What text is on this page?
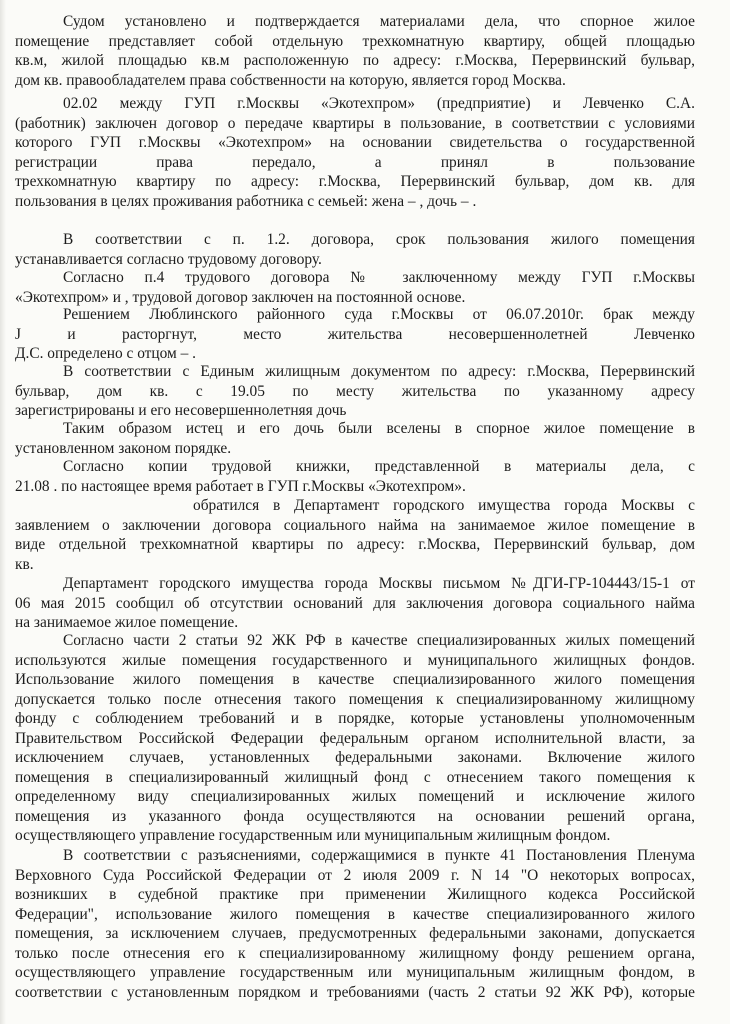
Судом установлено и подтверждается материалами дела, что спорное жилое
помещение представляет собой отдельную трехкомнатную квартиру, общей площадью
кв.м, жилой площадью кв.м расположенную по адресу: г.Москва, Перервинский бульвар,
дом кв. правообладателем права собственности на которую, является город Москва.
02.02 между ГУП г.Москвы «Экотехпром» (предприятие) и Левченко С.А.
(работник) заключен договор о передаче квартиры в пользование, в соответствии с условиями
которого ГУП г.Москвы «Экотехпром» на основании свидетельства о государственной
регистрации права передало, а принял в пользование
трехкомнатную квартиру по адресу: г.Москва, Перервинский бульвар, дом кв. для
пользования в целях проживания работника с семьей: жена – , дочь – .
В соответствии с п. 1.2. договора, срок пользования жилого помещения
устанавливается согласно трудовому договору.
Согласно п.4 трудового договора № заключенному между ГУП г.Москвы
«Экотехпром» и , трудовой договор заключен на постоянной основе.
Решением Люблинского районного суда г.Москвы от 06.07.2010г. брак между
J и расторгнут, место жительства несовершеннолетней Левченко
Д.С. определено с отцом – .
В соответствии с Единым жилищным документом по адресу: г.Москва, Перервинский
бульвар, дом кв. с 19.05 по месту жительства по указанному адресу
зарегистрированы и его несовершеннолетняя дочь
Таким образом истец и его дочь были вселены в спорное жилое помещение в
установленном законом порядке.
Согласно копии трудовой книжки, представленной в материалы дела, с
21.08 . по настоящее время работает в ГУП г.Москвы «Экотехпром».
обратился в Департамент городского имущества города Москвы с
заявлением о заключении договора социального найма на занимаемое жилое помещение в
виде отдельной трехкомнатной квартиры по адресу: г.Москва, Перервинский бульвар, дом
кв.
Департамент городского имущества города Москвы письмом №ДГИ-ГР-104443/15-1 от
06 мая 2015 сообщил об отсутствии оснований для заключения договора социального найма
на занимаемое жилое помещение.
Согласно части 2 статьи 92 ЖК РФ в качестве специализированных жилых помещений
используются жилые помещения государственного и муниципального жилищных фондов.
Использование жилого помещения в качестве специализированного жилого помещения
допускается только после отнесения такого помещения к специализированному жилищному
фонду с соблюдением требований и в порядке, которые установлены уполномоченным
Правительством Российской Федерации федеральным органом исполнительной власти, за
исключением случаев, установленных федеральными законами. Включение жилого
помещения в специализированный жилищный фонд с отнесением такого помещения к
определенному виду специализированных жилых помещений и исключение жилого
помещения из указанного фонда осуществляются на основании решений органа,
осуществляющего управление государственным или муниципальным жилищным фондом.
В соответствии с разъяснениями, содержащимися в пункте 41 Постановления Пленума
Верховного Суда Российской Федерации от 2 июля 2009 г. N 14 "О некоторых вопросах,
возникших в судебной практике при применении Жилищного кодекса Российской
Федерации", использование жилого помещения в качестве специализированного жилого
помещения, за исключением случаев, предусмотренных федеральными законами, допускается
только после отнесения его к специализированному жилищному фонду решением органа,
осуществляющего управление государственным или муниципальным жилищным фондом, в
соответствии с установленным порядком и требованиями (часть 2 статьи 92 ЖК РФ), которые
